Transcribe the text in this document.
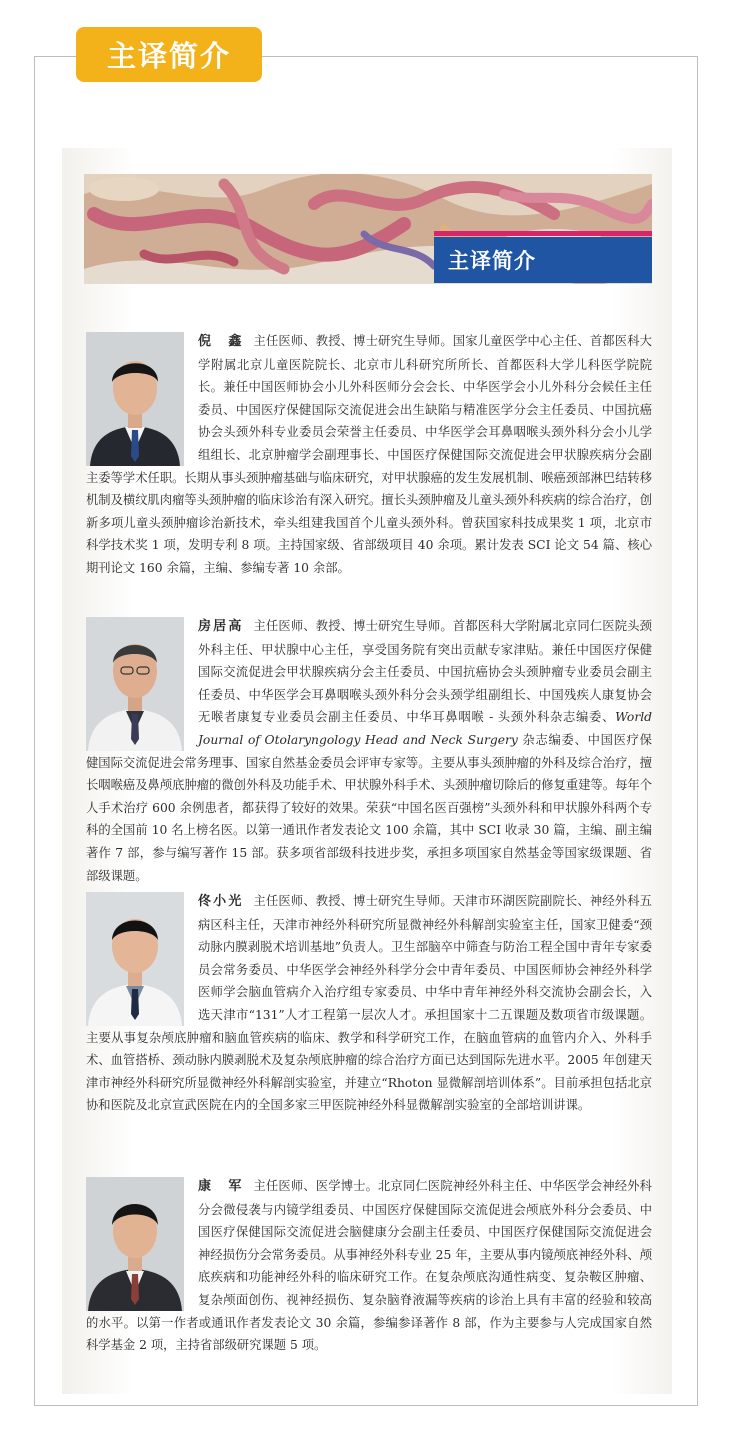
主译简介
主译简介
倪　鑫 主任医师、教授、博士研究生导师。国家儿童医学中心主任、首都医科大学附属北京儿童医院院长、北京市儿科研究所所长、首都医科大学儿科医学院院长。兼任中国医师协会小儿外科医师分会会长、中华医学会小儿外科分会候任主任委员、中国医疗保健国际交流促进会出生缺陷与精准医学分会主任委员、中国抗癌协会头颈外科专业委员会荣誉主任委员、中华医学会耳鼻咽喉头颈外科分会小儿学组组长、北京肿瘤学会副理事长、中国医疗保健国际交流促进会甲状腺疾病分会副主委等学术任职。长期从事头颈肿瘤基础与临床研究，对甲状腺癌的发生发展机制、喉癌颈部淋巴结转移机制及横纹肌肉瘤等头颈肿瘤的临床诊治有深入研究。擅长头颈肿瘤及儿童头颈外科疾病的综合治疗，创新多项儿童头颈肿瘤诊治新技术，牵头组建我国首个儿童头颈外科。曾获国家科技成果奖 1 项，北京市科学技术奖 1 项，发明专利 8 项。主持国家级、省部级项目 40 余项。累计发表 SCI 论文 54 篇、核心期刊论文 160 余篇，主编、参编专著 10 余部。
房居高 主任医师、教授、博士研究生导师。首都医科大学附属北京同仁医院头颈外科主任、甲状腺中心主任，享受国务院有突出贡献专家津贴。兼任中国医疗保健国际交流促进会甲状腺疾病分会主任委员、中国抗癌协会头颈肿瘤专业委员会副主任委员、中华医学会耳鼻咽喉头颈外科分会头颈学组副组长、中国残疾人康复协会无喉者康复专业委员会副主任委员、中华耳鼻咽喉 - 头颈外科杂志编委、World Journal of Otolaryngology Head and Neck Surgery 杂志编委、中国医疗保健国际交流促进会常务理事、国家自然基金委员会评审专家等。主要从事头颈肿瘤的外科及综合治疗，擅长咽喉癌及鼻颅底肿瘤的微创外科及功能手术、甲状腺外科手术、头颈肿瘤切除后的修复重建等。每年个人手术治疗 600 余例患者，都获得了较好的效果。荣获“中国名医百强榜”头颈外科和甲状腺外科两个专科的全国前 10 名上榜名医。以第一通讯作者发表论文 100 余篇，其中 SCI 收录 30 篇，主编、副主编著作 7 部，参与编写著作 15 部。获多项省部级科技进步奖，承担多项国家自然基金等国家级课题、省部级课题。
佟小光 主任医师、教授、博士研究生导师。天津市环湖医院副院长、神经外科五病区科主任，天津市神经外科研究所显微神经外科解剖实验室主任，国家卫健委“颈动脉内膜剥脱术培训基地”负责人。卫生部脑卒中筛查与防治工程全国中青年专家委员会常务委员、中华医学会神经外科学分会中青年委员、中国医师协会神经外科学医师学会脑血管病介入治疗组专家委员、中华中青年神经外科交流协会副会长，入选天津市“131”人才工程第一层次人才。承担国家十二五课题及数项省市级课题。主要从事复杂颅底肿瘤和脑血管疾病的临床、教学和科学研究工作，在脑血管病的血管内介入、外科手术、血管搭桥、颈动脉内膜剥脱术及复杂颅底肿瘤的综合治疗方面已达到国际先进水平。2005 年创建天津市神经外科研究所显微神经外科解剖实验室，并建立“Rhoton 显微解剖培训体系”。目前承担包括北京协和医院及北京宣武医院在内的全国多家三甲医院神经外科显微解剖实验室的全部培训讲课。
康　军 主任医师、医学博士。北京同仁医院神经外科主任、中华医学会神经外科分会微侵袭与内镜学组委员、中国医疗保健国际交流促进会颅底外科分会委员、中国医疗保健国际交流促进会脑健康分会副主任委员、中国医疗保健国际交流促进会神经损伤分会常务委员。从事神经外科专业 25 年，主要从事内镜颅底神经外科、颅底疾病和功能神经外科的临床研究工作。在复杂颅底沟通性病变、复杂鞍区肿瘤、复杂颅面创伤、视神经损伤、复杂脑脊液漏等疾病的诊治上具有丰富的经验和较高的水平。以第一作者或通讯作者发表论文 30 余篇，参编参译著作 8 部，作为主要参与人完成国家自然科学基金 2 项，主持省部级研究课题 5 项。
